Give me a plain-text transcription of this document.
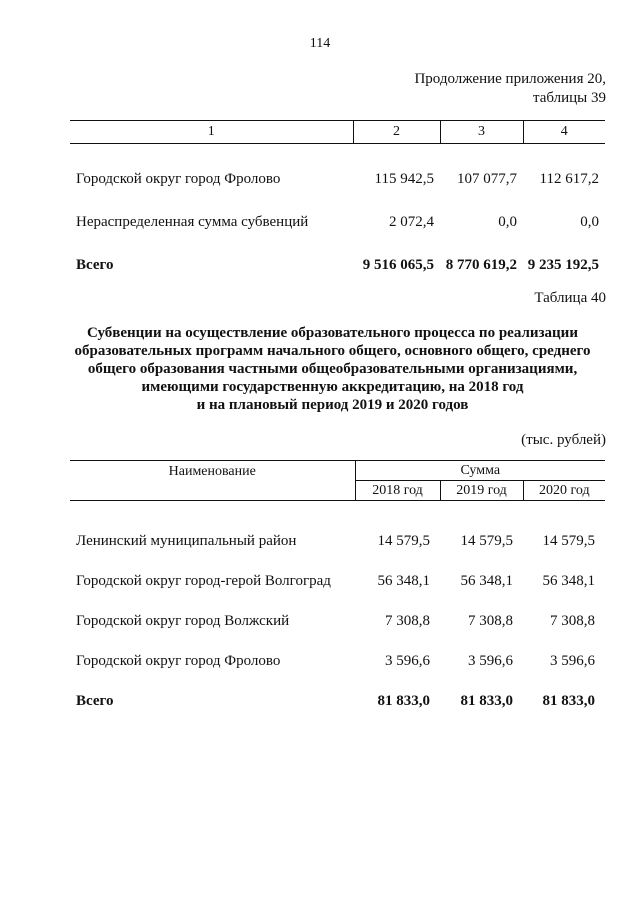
114
Продолжение приложения 20,
таблицы 39
1	2	3	4
Городской округ город Фролово	115 942,5	107 077,7	112 617,2
Нераспределенная сумма субвенций	2 072,4	0,0	0,0
Всего	9 516 065,5	8 770 619,2	9 235 192,5
Таблица 40
Субвенции на осуществление образовательного процесса по реализации
образовательных программ начального общего, основного общего, среднего
общего образования частными общеобразовательными организациями,
имеющими государственную аккредитацию, на 2018 год
и на плановый период 2019 и 2020 годов
(тыс. рублей)
Наименование	Сумма		
	2018 год	2019 год	2020 год
Ленинский муниципальный район	14 579,5	14 579,5	14 579,5
Городской округ город-герой Волгоград	56 348,1	56 348,1	56 348,1
Городской округ город Волжский	7 308,8	7 308,8	7 308,8
Городской округ город Фролово	3 596,6	3 596,6	3 596,6
Всего	81 833,0	81 833,0	81 833,0
